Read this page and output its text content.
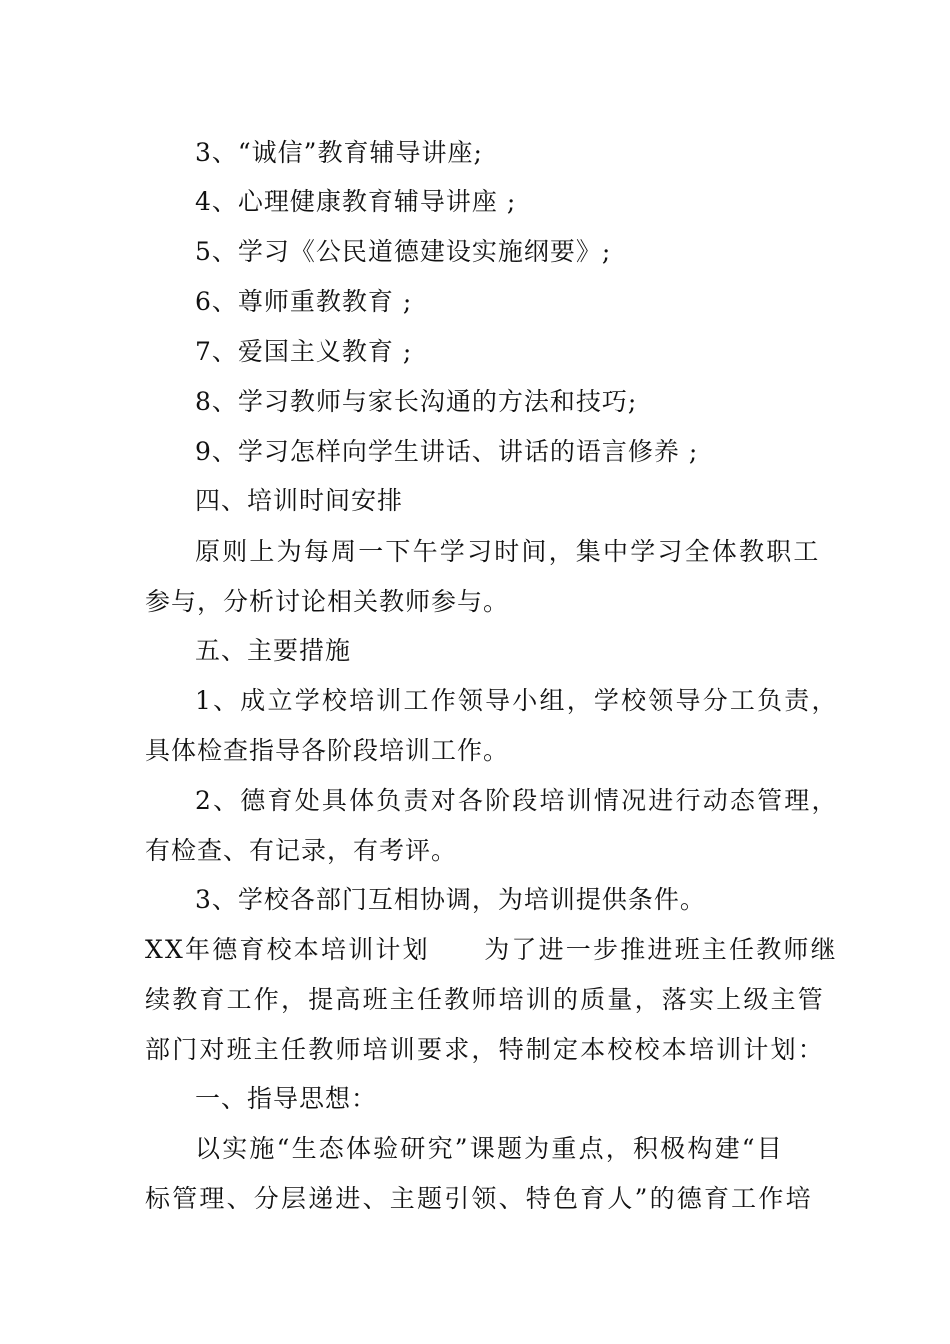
3、“诚信”教育辅导讲座;
4、心理健康教育辅导讲座 ;
5、学习《公民道德建设实施纲要》;
6、尊师重教教育 ;
7、爱国主义教育 ;
8、学习教师与家长沟通的方法和技巧;
9、学习怎样向学生讲话、讲话的语言修养 ;
四、培训时间安排
原则上为每周一下午学习时间，集中学习全体教职工
参与，分析讨论相关教师参与。
五、主要措施
1、成立学校培训工作领导小组，学校领导分工负责，
具体检查指导各阶段培训工作。
2、德育处具体负责对各阶段培训情况进行动态管理，
有检查、有记录，有考评。
3、学校各部门互相协调，为培训提供条件。
XX年德育校本培训计划　　为了进一步推进班主任教师继
续教育工作，提高班主任教师培训的质量，落实上级主管
部门对班主任教师培训要求，特制定本校校本培训计划：
一、指导思想：
以实施“生态体验研究”课题为重点，积极构建“目
标管理、分层递进、主题引领、特色育人”的德育工作培
